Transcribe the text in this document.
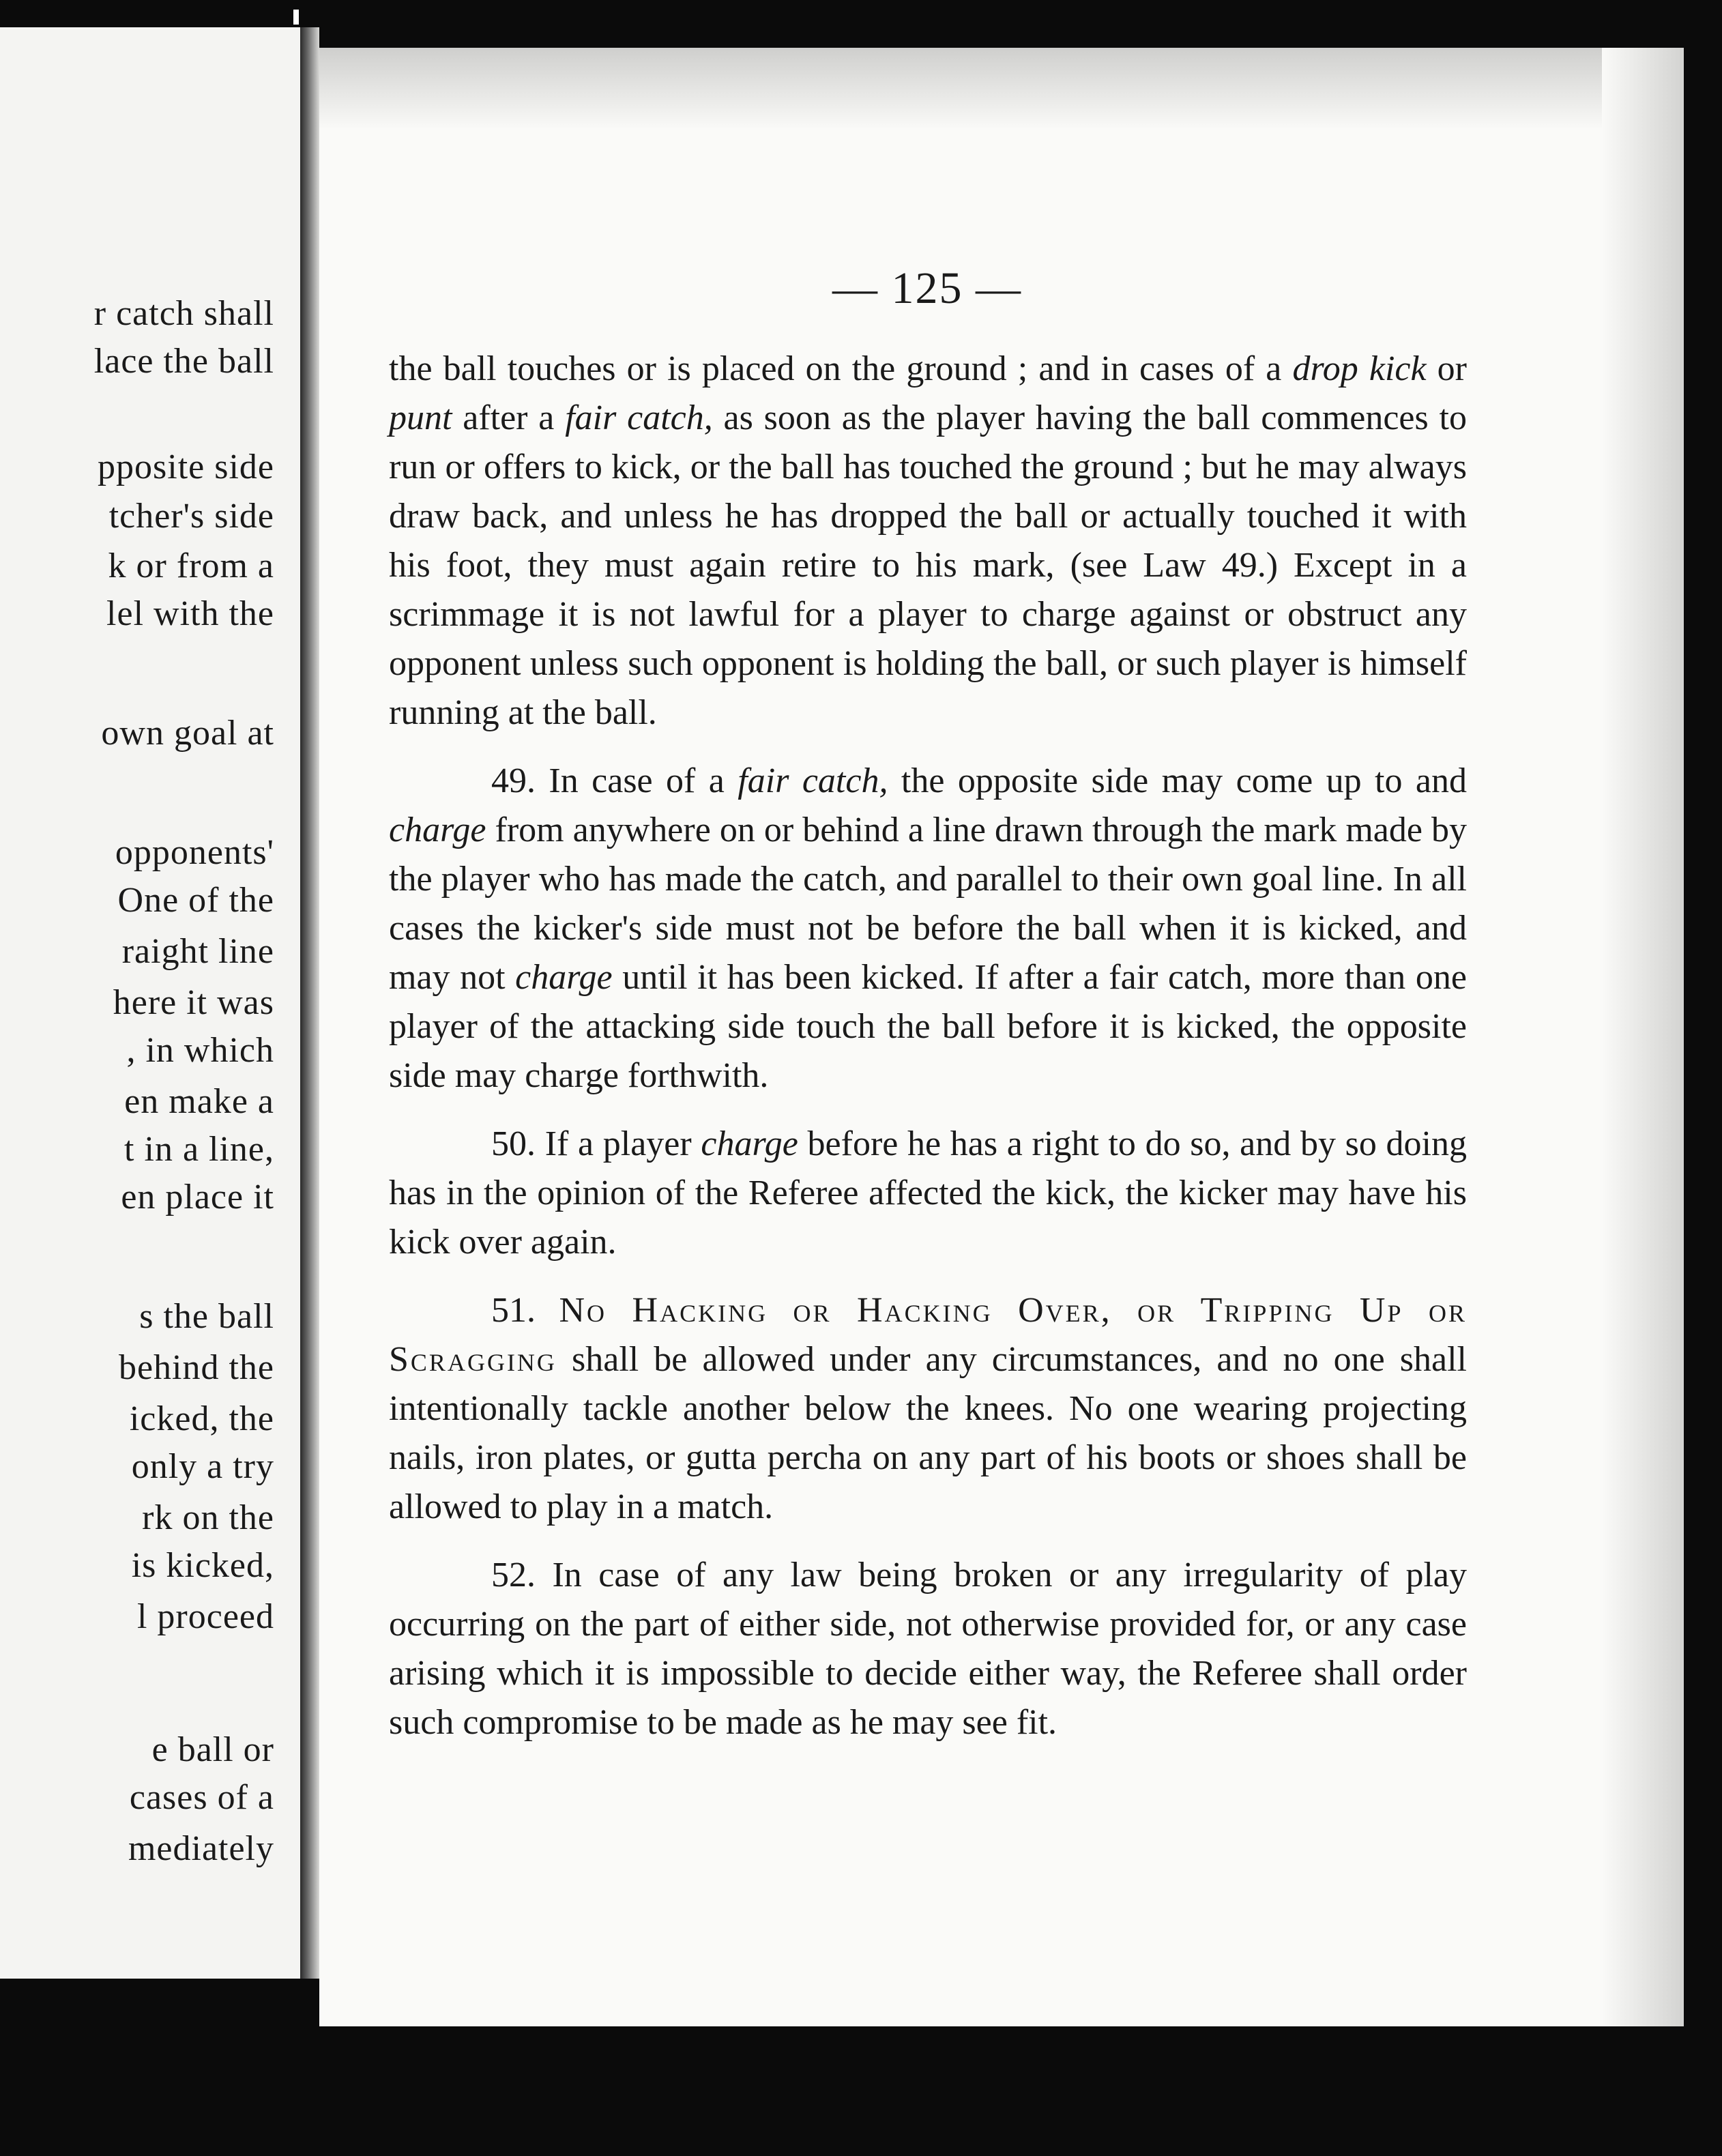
r catch shall
lace the ball
pposite side
tcher's side
k or from a
lel with the
own goal at
opponents'
One of the
raight line
here it was
, in which
en make a
t in a line,
en place it
s the ball
behind the
icked, the
only a try
rk on the
is kicked,
l proceed
e ball or
cases of a
mediately
— 125 —

the ball touches or is placed on the ground ; and in cases of a drop kick or punt after a fair catch, as soon as the player having the ball commences to run or offers to kick, or the ball has touched the ground ; but he may always draw back, and unless he has dropped the ball or actually touched it with his foot, they must again retire to his mark, (see Law 49.) Except in a scrimmage it is not lawful for a player to charge against or obstruct any opponent unless such opponent is holding the ball, or such player is himself running at the ball.

49. In case of a fair catch, the opposite side may come up to and charge from anywhere on or behind a line drawn through the mark made by the player who has made the catch, and parallel to their own goal line. In all cases the kicker's side must not be before the ball when it is kicked, and may not charge until it has been kicked. If after a fair catch, more than one player of the attacking side touch the ball before it is kicked, the opposite side may charge forthwith.

50. If a player charge before he has a right to do so, and by so doing has in the opinion of the Referee affected the kick, the kicker may have his kick over again.

51. No Hacking or Hacking Over, or Tripping Up or Scragging shall be allowed under any circumstances, and no one shall intentionally tackle another below the knees. No one wearing projecting nails, iron plates, or gutta percha on any part of his boots or shoes shall be allowed to play in a match.

52. In case of any law being broken or any irregularity of play occurring on the part of either side, not otherwise provided for, or any case arising which it is impossible to decide either way, the Referee shall order such compromise to be made as he may see fit.
